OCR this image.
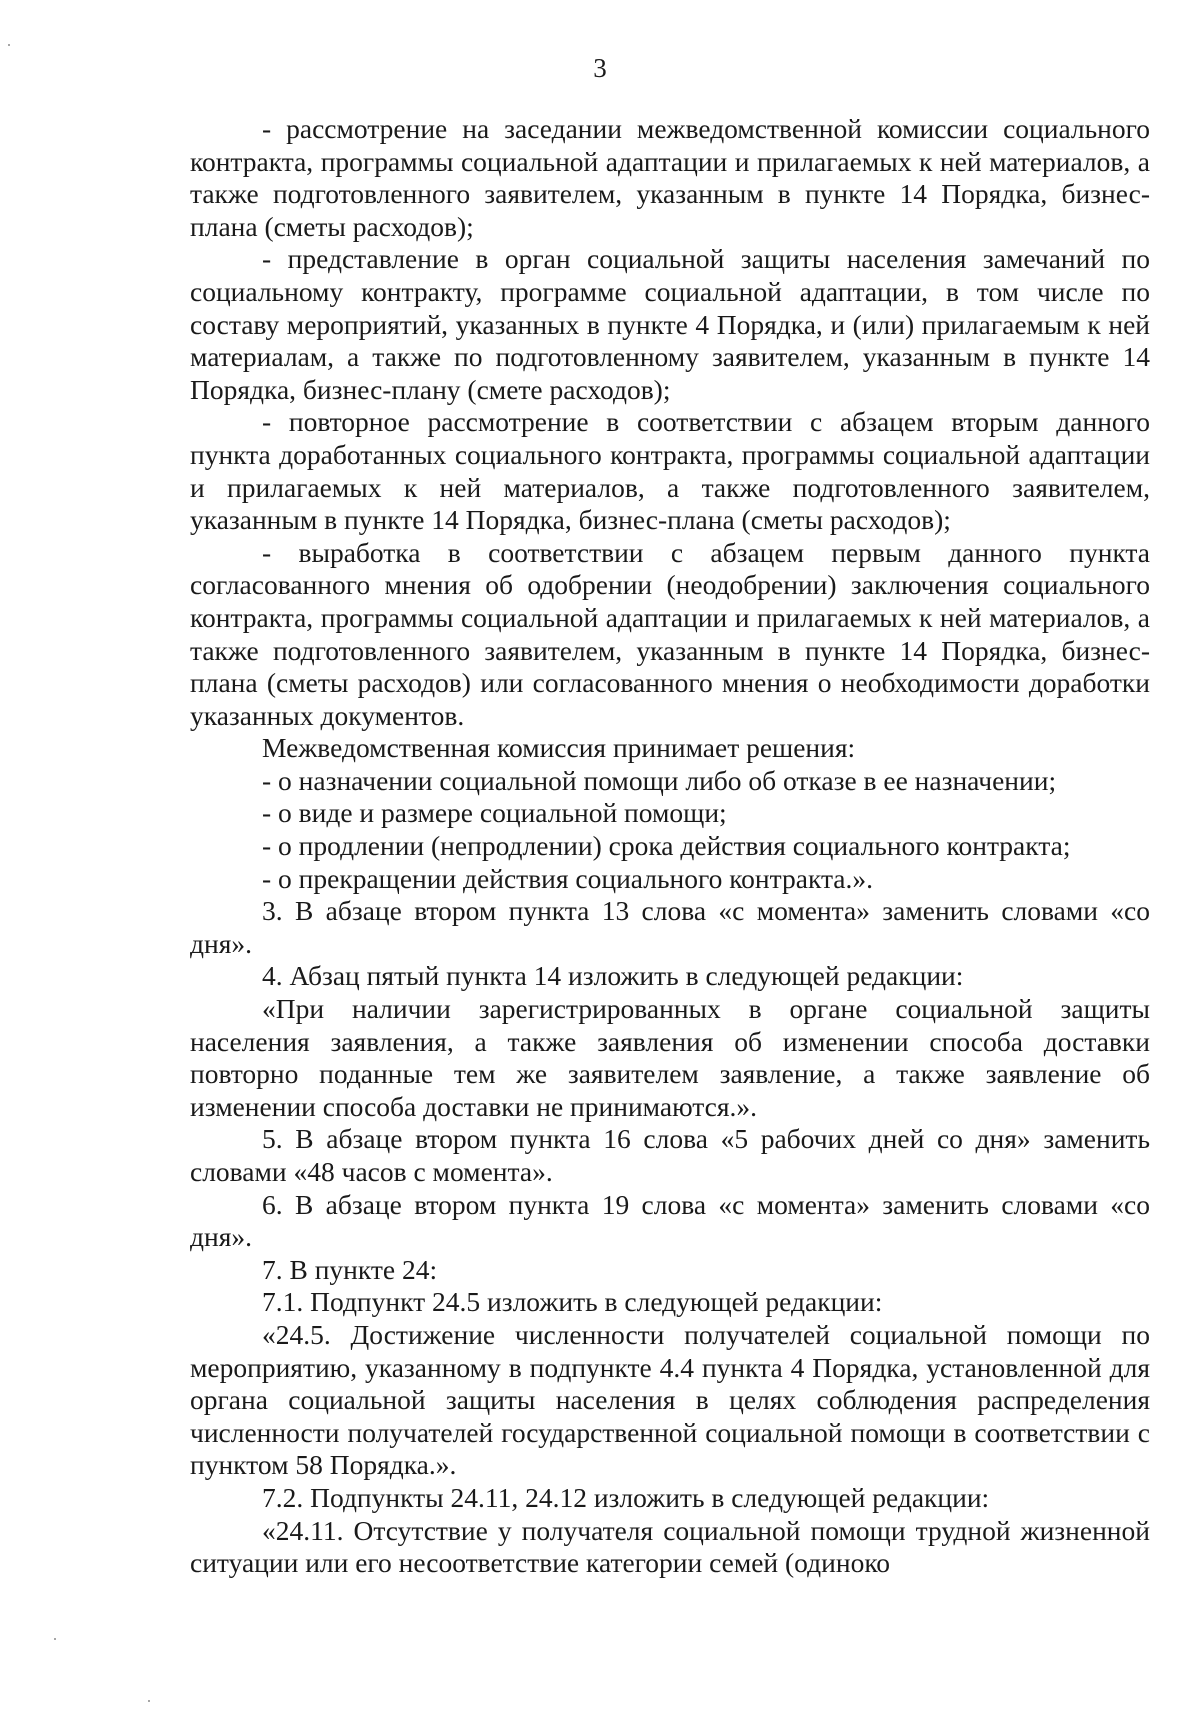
3

- рассмотрение на заседании межведомственной комиссии социального контракта, программы социальной адаптации и прилагаемых к ней материалов, а также подготовленного заявителем, указанным в пункте 14 Порядка, бизнес-плана (сметы расходов);

- представление в орган социальной защиты населения замечаний по социальному контракту, программе социальной адаптации, в том числе по составу мероприятий, указанных в пункте 4 Порядка, и (или) прилагаемым к ней материалам, а также по подготовленному заявителем, указанным в пункте 14 Порядка, бизнес-плану (смете расходов);

- повторное рассмотрение в соответствии с абзацем вторым данного пункта доработанных социального контракта, программы социальной адаптации и прилагаемых к ней материалов, а также подготовленного заявителем, указанным в пункте 14 Порядка, бизнес-плана (сметы расходов);

- выработка в соответствии с абзацем первым данного пункта согласованного мнения об одобрении (неодобрении) заключения социального контракта, программы социальной адаптации и прилагаемых к ней материалов, а также подготовленного заявителем, указанным в пункте 14 Порядка, бизнес-плана (сметы расходов) или согласованного мнения о необходимости доработки указанных документов.

Межведомственная комиссия принимает решения:

- о назначении социальной помощи либо об отказе в ее назначении;

- о виде и размере социальной помощи;

- о продлении (непродлении) срока действия социального контракта;

- о прекращении действия социального контракта.».

3. В абзаце втором пункта 13 слова «с момента» заменить словами «со дня».

4. Абзац пятый пункта 14 изложить в следующей редакции:

«При наличии зарегистрированных в органе социальной защиты населения заявления, а также заявления об изменении способа доставки повторно поданные тем же заявителем заявление, а также заявление об изменении способа доставки не принимаются.».

5. В абзаце втором пункта 16 слова «5 рабочих дней со дня» заменить словами «48 часов с момента».

6. В абзаце втором пункта 19 слова «с момента» заменить словами «со дня».

7. В пункте 24:

7.1. Подпункт 24.5 изложить в следующей редакции:

«24.5. Достижение численности получателей социальной помощи по мероприятию, указанному в подпункте 4.4 пункта 4 Порядка, установленной для органа социальной защиты населения в целях соблюдения распределения численности получателей государственной социальной помощи в соответствии с пунктом 58 Порядка.».

7.2. Подпункты 24.11, 24.12 изложить в следующей редакции:

«24.11. Отсутствие у получателя социальной помощи трудной жизненной ситуации или его несоответствие категории семей (одиноко
